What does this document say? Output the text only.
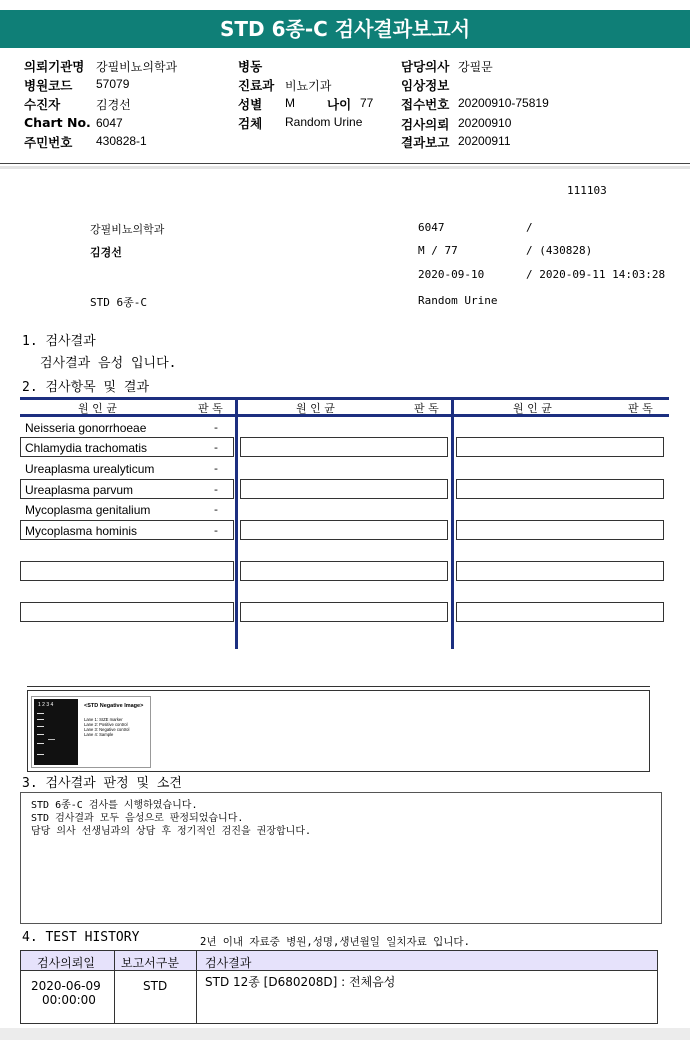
STD 6종-C 검사결과보고서
의뢰기관명 강필비뇨의학과
병원코드 57079
수진자	김경선
Chart No. 6047
주민번호 430828-1
병동
진료과 비뇨기과
성별 M	나이 77
검체 Random Urine
담당의사 강필문
임상정보
접수번호 20200910-75819
검사의뢰 20200910
결과보고 20200911
111103
강필비뇨의학과
김경선
STD 6종-C
6047	/
M / 77	/ (430828)
2020-09-10	/ 2020-09-11 14:03:28
Random Urine
1. 검사결과
검사결과 음성 입니다.
2. 검사항목 및 결과
원 인 균	판 독	원 인 균	판 독	원 인 균	판 독
Neisseria gonorrhoeae	-
Chlamydia trachomatis	-
Ureaplasma urealyticum	-
Ureaplasma parvum	-
Mycoplasma genitalium	-
Mycoplasma hominis	-
1 2 3 4	<STD Negative Image>
Lane 1: SIZE marker
Lane 2: Positive control
Lane 3: Negative control
Lane 4: Sample
3. 검사결과 판정 및 소견
STD 6종-C 검사를 시행하였습니다.
STD 검사결과 모두 음성으로 판정되었습니다.
담당 의사 선생님과의 상담 후 정기적인 검진을 권장합니다.
4. TEST HISTORY	2년 이내 자료중 병원,성명,생년월일 일치자료 입니다.
검사의뢰일 보고서구분 검사결과
2020-06-09
00:00:00
STD	STD 12종 [D680208D] : 전체음성
